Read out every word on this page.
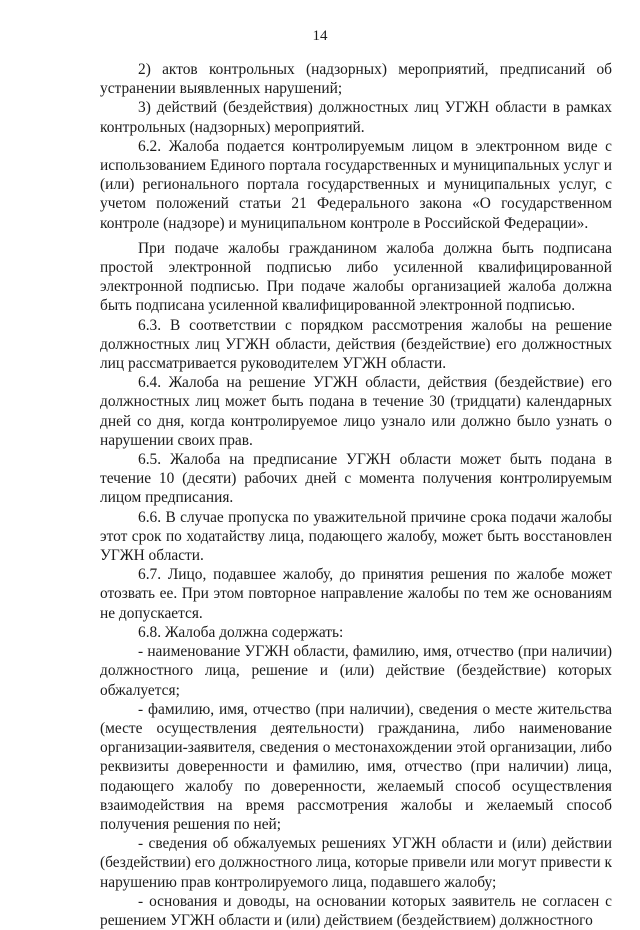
14

2) актов контрольных (надзорных) мероприятий, предписаний об устранении выявленных нарушений;

3) действий (бездействия) должностных лиц УГЖН области в рамках контрольных (надзорных) мероприятий.

6.2. Жалоба подается контролируемым лицом в электронном виде с использованием Единого портала государственных и муниципальных услуг и (или) регионального портала государственных и муниципальных услуг, с учетом положений статьи 21 Федерального закона «О государственном контроле (надзоре) и муниципальном контроле в Российской Федерации».

При подаче жалобы гражданином жалоба должна быть подписана простой электронной подписью либо усиленной квалифицированной электронной подписью. При подаче жалобы организацией жалоба должна быть подписана усиленной квалифицированной электронной подписью.

6.3. В соответствии с порядком рассмотрения жалобы на решение должностных лиц УГЖН области, действия (бездействие) его должностных лиц рассматривается руководителем УГЖН области.

6.4. Жалоба на решение УГЖН области, действия (бездействие) его должностных лиц может быть подана в течение 30 (тридцати) календарных дней со дня, когда контролируемое лицо узнало или должно было узнать о нарушении своих прав.

6.5. Жалоба на предписание УГЖН области может быть подана в течение 10 (десяти) рабочих дней с момента получения контролируемым лицом предписания.

6.6. В случае пропуска по уважительной причине срока подачи жалобы этот срок по ходатайству лица, подающего жалобу, может быть восстановлен УГЖН области.

6.7. Лицо, подавшее жалобу, до принятия решения по жалобе может отозвать ее. При этом повторное направление жалобы по тем же основаниям не допускается.

6.8. Жалоба должна содержать:

- наименование УГЖН области, фамилию, имя, отчество (при наличии) должностного лица, решение и (или) действие (бездействие) которых обжалуется;

- фамилию, имя, отчество (при наличии), сведения о месте жительства (месте осуществления деятельности) гражданина, либо наименование организации-заявителя, сведения о местонахождении этой организации, либо реквизиты доверенности и фамилию, имя, отчество (при наличии) лица, подающего жалобу по доверенности, желаемый способ осуществления взаимодействия на время рассмотрения жалобы и желаемый способ получения решения по ней;

- сведения об обжалуемых решениях УГЖН области и (или) действии (бездействии) его должностного лица, которые привели или могут привести к нарушению прав контролируемого лица, подавшего жалобу;

- основания и доводы, на основании которых заявитель не согласен с решением УГЖН области и (или) действием (бездействием) должностного
